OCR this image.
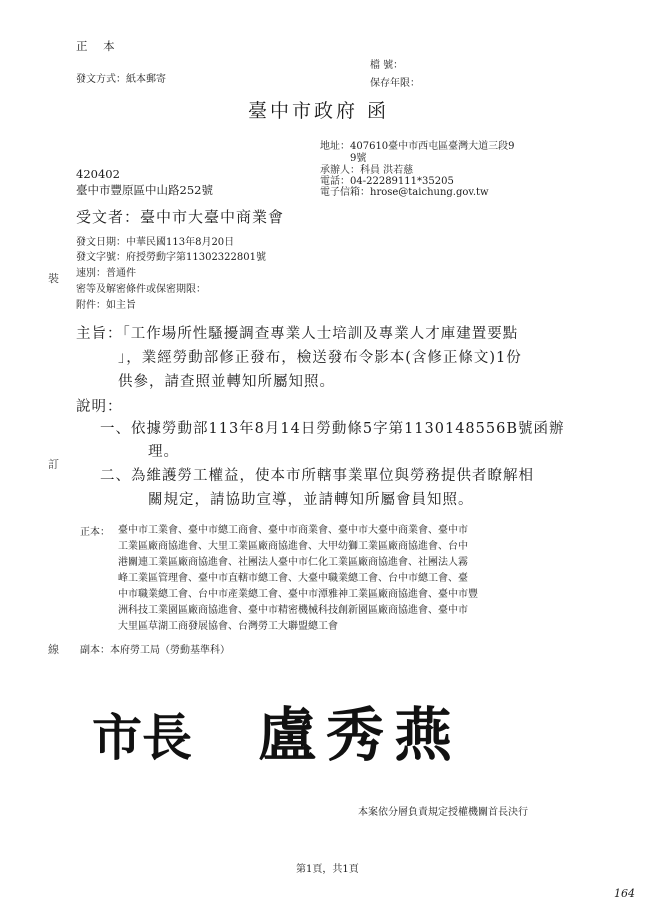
正 本
發文方式：紙本郵寄
檔 號：
保存年限：
臺中市政府 函
地址：407610臺中市西屯區臺灣大道三段9
9號
承辦人：科員 洪若慈
電話：04-22289111*35205
電子信箱：hrose@taichung.gov.tw
420402
臺中市豐原區中山路252號
受文者：臺中市大臺中商業會
發文日期：中華民國113年8月20日
發文字號：府授勞動字第11302322801號
速別：普通件
密等及解密條件或保密期限：
附件：如主旨
主旨：「工作場所性騷擾調查專業人士培訓及專業人才庫建置要點
」，業經勞動部修正發布，檢送發布令影本(含修正條文)1份
供參，請查照並轉知所屬知照。
說明：
一、依據勞動部113年8月14日勞動條5字第1130148556B號函辦
理。
二、為維護勞工權益，使本市所轄事業單位與勞務提供者瞭解相
關規定，請協助宣導，並請轉知所屬會員知照。
正本： 臺中市工業會、臺中市總工商會、臺中市商業會、臺中市大臺中商業會、臺中市
工業區廠商協進會、大里工業區廠商協進會、大甲幼獅工業區廠商協進會、台中
港關連工業區廠商協進會、社團法人臺中市仁化工業區廠商協進會、社團法人霧
峰工業區管理會、臺中市直轄市總工會、大臺中職業總工會、台中市總工會、臺
中市職業總工會、台中市產業總工會、臺中市潭雅神工業區廠商協進會、臺中市豐
洲科技工業園區廠商協進會、臺中市精密機械科技創新園區廠商協進會、臺中市
大里區草湖工商發展協會、台灣勞工大聯盟總工會
副本：本府勞工局（勞動基準科）
市長 盧秀燕
本案依分層負責規定授權機關首長決行
第1頁，共1頁
164
裝
訂
線
